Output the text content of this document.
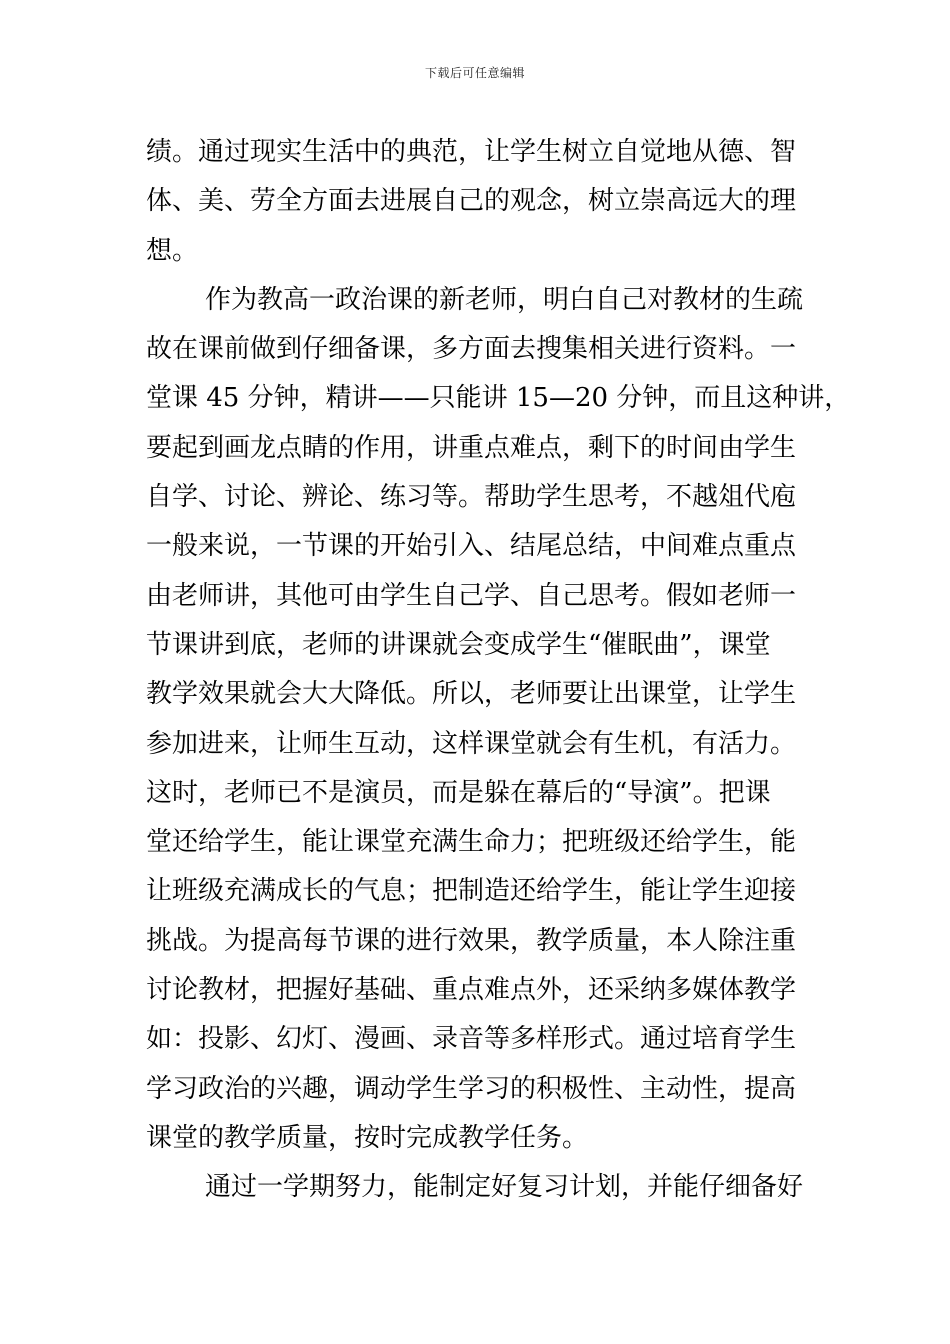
下载后可任意编辑
绩。通过现实生活中的典范，让学生树立自觉地从德、智
体、美、劳全方面去进展自己的观念，树立崇高远大的理
想。
作为教高一政治课的新老师，明白自己对教材的生疏
故在课前做到仔细备课，多方面去搜集相关进行资料。一
堂课 45 分钟，精讲——只能讲 15—20 分钟，而且这种讲，
要起到画龙点睛的作用，讲重点难点，剩下的时间由学生
自学、讨论、辨论、练习等。帮助学生思考，不越俎代庖
一般来说，一节课的开始引入、结尾总结，中间难点重点
由老师讲，其他可由学生自己学、自己思考。假如老师一
节课讲到底，老师的讲课就会变成学生“催眠曲”，课堂
教学效果就会大大降低。所以，老师要让出课堂，让学生
参加进来，让师生互动，这样课堂就会有生机，有活力。
这时，老师已不是演员，而是躲在幕后的“导演”。把课
堂还给学生，能让课堂充满生命力；把班级还给学生，能
让班级充满成长的气息；把制造还给学生，能让学生迎接
挑战。为提高每节课的进行效果，教学质量，本人除注重
讨论教材，把握好基础、重点难点外，还采纳多媒体教学
如：投影、幻灯、漫画、录音等多样形式。通过培育学生
学习政治的兴趣，调动学生学习的积极性、主动性，提高
课堂的教学质量，按时完成教学任务。
通过一学期努力，能制定好复习计划，并能仔细备好
